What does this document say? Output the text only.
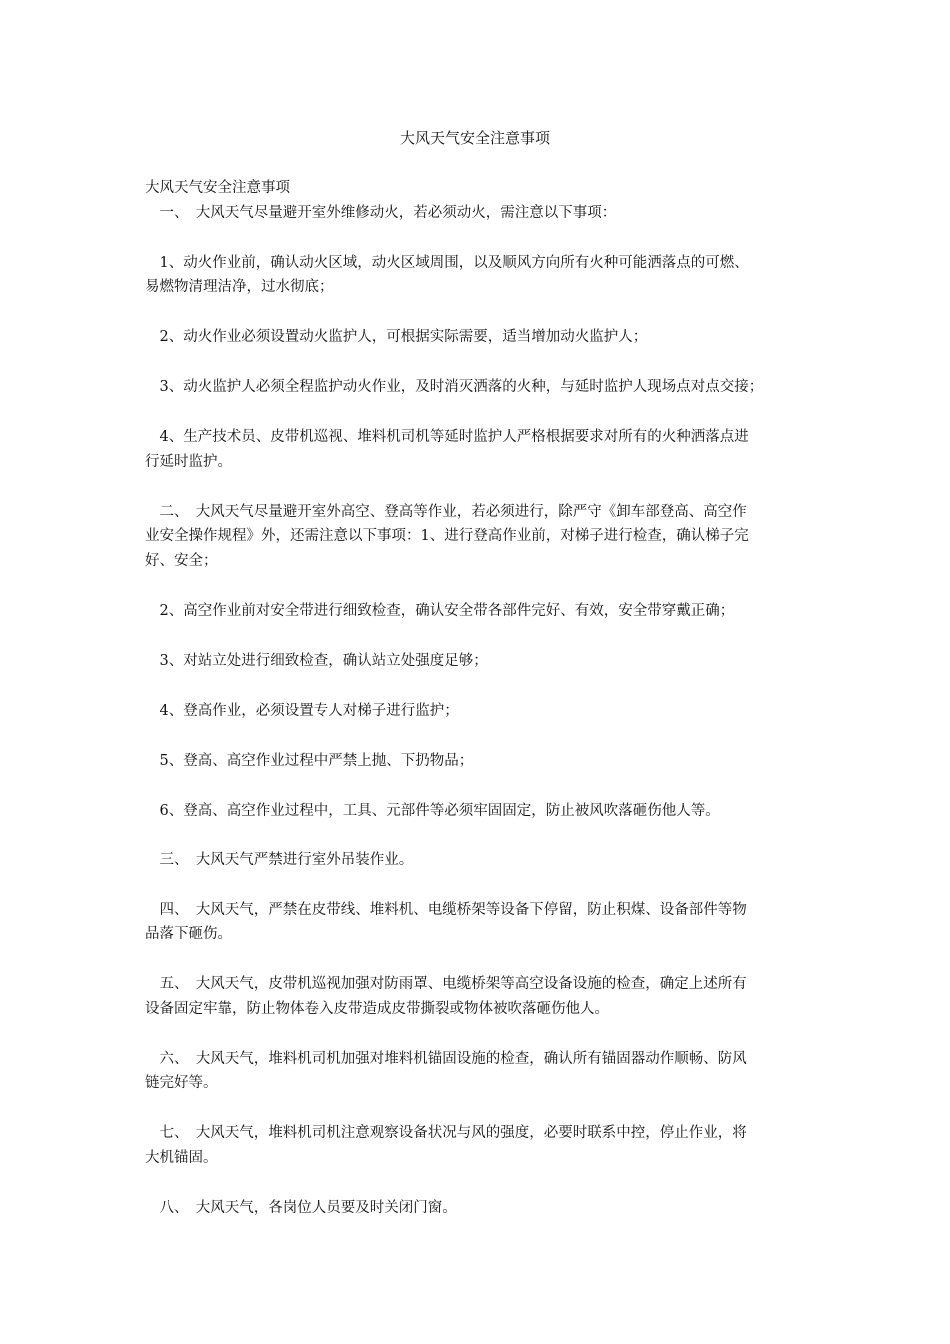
大风天气安全注意事项
大风天气安全注意事项
　一、　大风天气尽量避开室外维修动火，若必须动火，需注意以下事项：
　1、动火作业前，确认动火区域，动火区域周围，以及顺风方向所有火种可能洒落点的可燃、
易燃物清理洁净，过水彻底；
　2、动火作业必须设置动火监护人，可根据实际需要，适当增加动火监护人；
　3、动火监护人必须全程监护动火作业，及时消灭洒落的火种，与延时监护人现场点对点交接；
　4、生产技术员、皮带机巡视、堆料机司机等延时监护人严格根据要求对所有的火种洒落点进
行延时监护。
　二、　大风天气尽量避开室外高空、登高等作业，若必须进行，除严守《卸车部登高、高空作
业安全操作规程》外，还需注意以下事项：1、进行登高作业前，对梯子进行检查，确认梯子完
好、安全；
　2、高空作业前对安全带进行细致检查，确认安全带各部件完好、有效，安全带穿戴正确；
　3、对站立处进行细致检查，确认站立处强度足够；
　4、登高作业，必须设置专人对梯子进行监护；
　5、登高、高空作业过程中严禁上抛、下扔物品；
　6、登高、高空作业过程中，工具、元部件等必须牢固固定，防止被风吹落砸伤他人等。
　三、　大风天气严禁进行室外吊装作业。
　四、　大风天气，严禁在皮带线、堆料机、电缆桥架等设备下停留，防止积煤、设备部件等物
品落下砸伤。
　五、　大风天气，皮带机巡视加强对防雨罩、电缆桥架等高空设备设施的检查，确定上述所有
设备固定牢靠，防止物体卷入皮带造成皮带撕裂或物体被吹落砸伤他人。
　六、　大风天气，堆料机司机加强对堆料机锚固设施的检查，确认所有锚固器动作顺畅、防风
链完好等。
　七、　大风天气，堆料机司机注意观察设备状况与风的强度，必要时联系中控，停止作业，将
大机锚固。
　八、　大风天气，各岗位人员要及时关闭门窗。
